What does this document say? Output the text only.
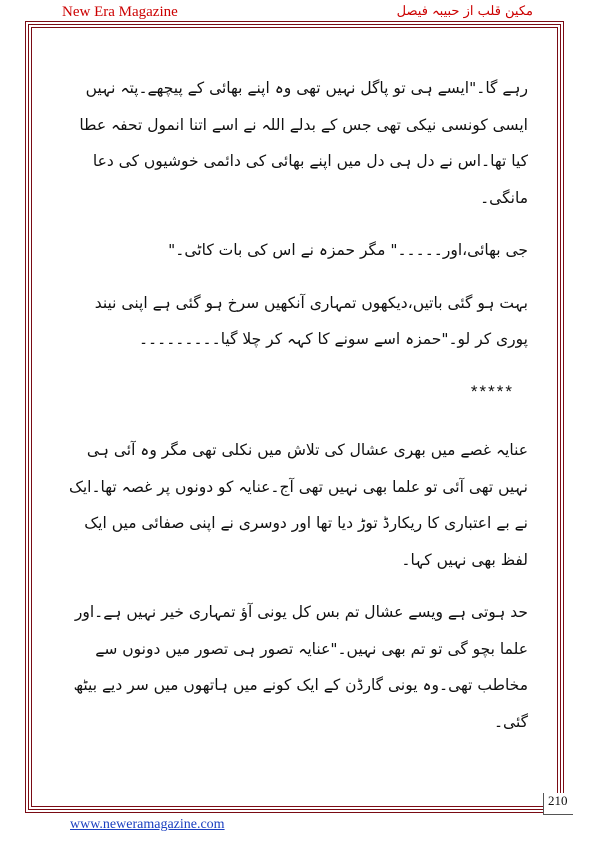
New Era Magazine	مکین قلب از حبیبہ فیصل

رہے گا۔"ایسے ہی تو پاگل نہیں تھی وہ اپنے بھائی کے پیچھے۔پتہ نہیں ایسی کونسی نیکی تھی جس کے بدلے اللہ نے اسے اتنا انمول تحفہ عطا کیا تھا۔اس نے دل ہی دل میں اپنے بھائی کی دائمی خوشیوں کی دعا مانگی۔

جی بھائی،اور۔۔۔۔۔" مگر حمزہ نے اس کی بات کاٹی۔"

بہت ہو گئی باتیں،دیکھوں تمہاری آنکھیں سرخ ہو گئی ہے اپنی نیند پوری کر لو۔"حمزہ اسے سونے کا کہہ کر چلا گیا۔۔۔۔۔۔۔۔۔

*****

عنایہ غصے میں بھری عشال کی تلاش میں نکلی تھی مگر وہ آئی ہی نہیں تھی آئی تو علما بھی نہیں تھی آج۔عنایہ کو دونوں پر غصہ تھا۔ایک نے بے اعتباری کا ریکارڈ توڑ دیا تھا اور دوسری نے اپنی صفائی میں ایک لفظ بھی نہیں کہا۔

حد ہوتی ہے ویسے عشال تم بس کل یونی آؤ تمہاری خیر نہیں ہے۔اور علما بچو گی تو تم بھی نہیں۔"عنایہ تصور ہی تصور میں دونوں سے مخاطب تھی۔وہ یونی گارڈن کے ایک کونے میں ہاتھوں میں سر دیے بیٹھ گئی۔

210
www.neweramagazine.com
